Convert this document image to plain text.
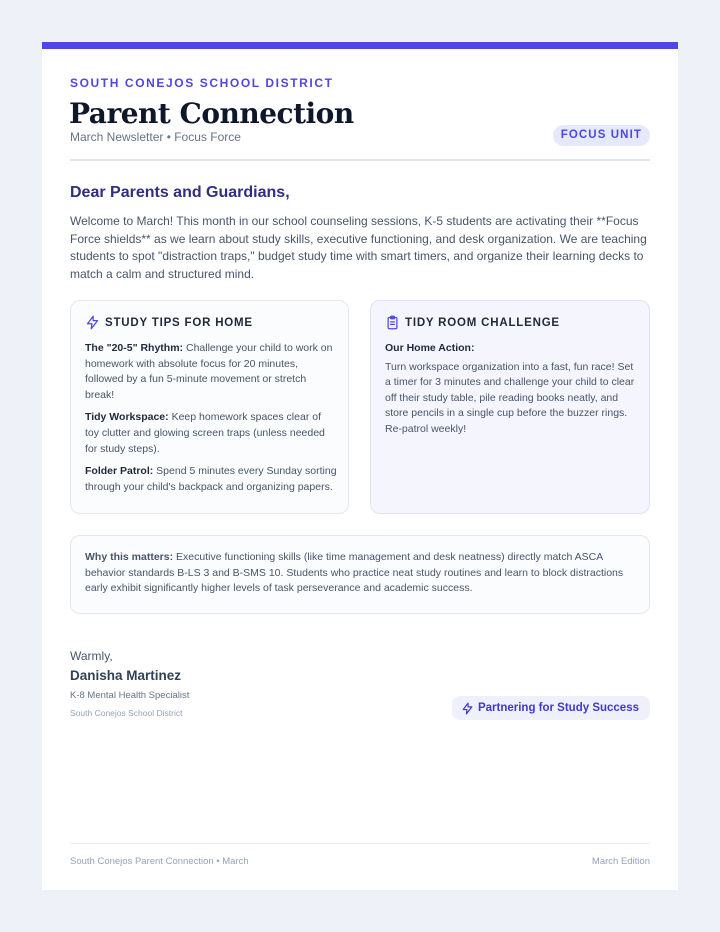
SOUTH CONEJOS SCHOOL DISTRICT
Parent Connection
March Newsletter • Focus Force	FOCUS UNIT
Dear Parents and Guardians,
Welcome to March! This month in our school counseling sessions, K-5 students are activating their **Focus Force shields** as we learn about study skills, executive functioning, and desk organization. We are teaching students to spot "distraction traps," budget study time with smart timers, and organize their learning decks to match a calm and structured mind.
STUDY TIPS FOR HOME

The "20-5" Rhythm: Challenge your child to work on homework with absolute focus for 20 minutes, followed by a fun 5-minute movement or stretch break!

Tidy Workspace: Keep homework spaces clear of toy clutter and glowing screen traps (unless needed for study steps).

Folder Patrol: Spend 5 minutes every Sunday sorting through your child's backpack and organizing papers.

TIDY ROOM CHALLENGE
Our Home Action:
Turn workspace organization into a fast, fun race! Set a timer for 3 minutes and challenge your child to clear off their study table, pile reading books neatly, and store pencils in a single cup before the buzzer rings. Re-patrol weekly!
Why this matters: Executive functioning skills (like time management and desk neatness) directly match ASCA behavior standards B-LS 3 and B-SMS 10. Students who practice neat study routines and learn to block distractions early exhibit significantly higher levels of task perseverance and academic success.
Warmly,
Danisha Martinez
K-8 Mental Health Specialist
South Conejos School District	Partnering for Study Success
South Conejos Parent Connection • March	March Edition
